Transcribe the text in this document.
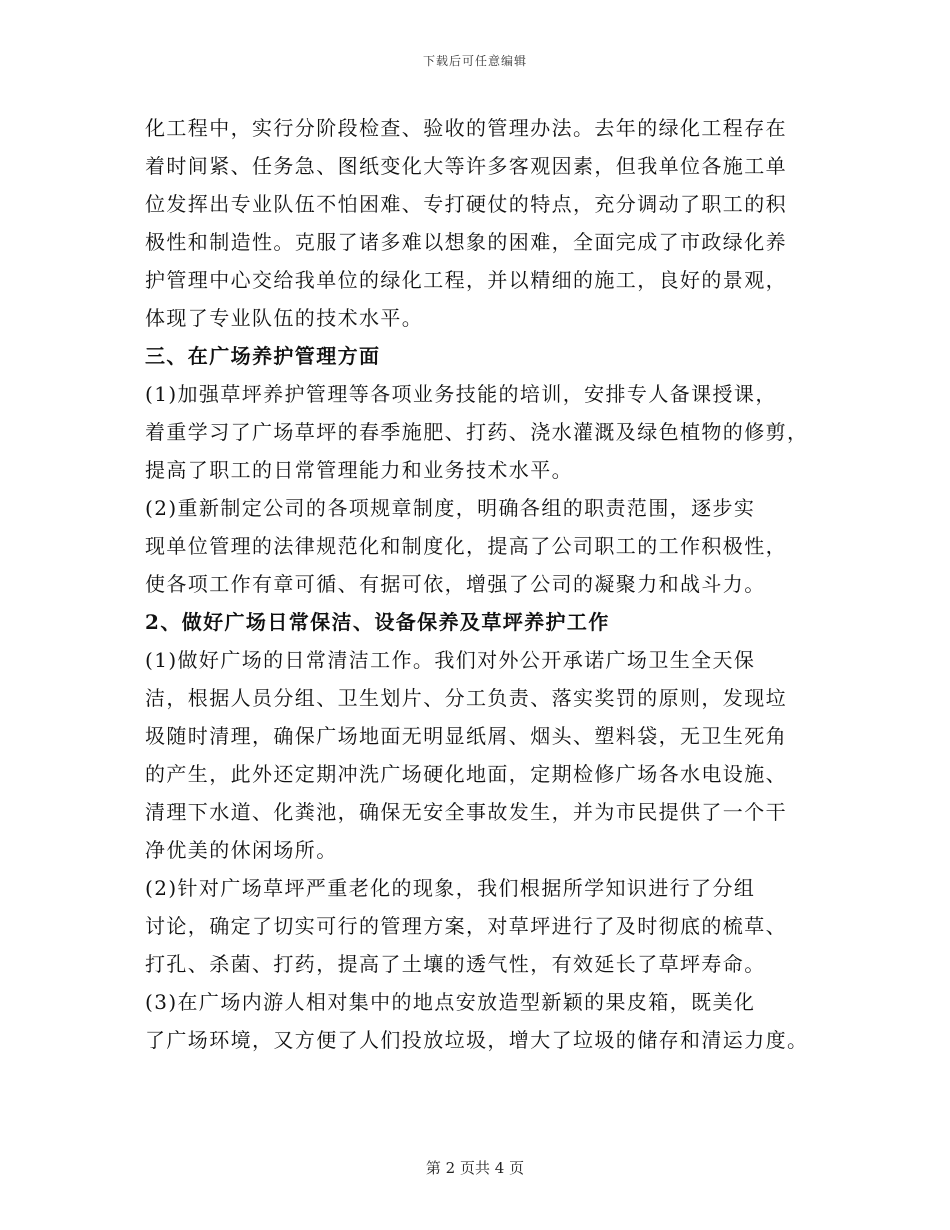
下载后可任意编辑

化工程中，实行分阶段检查、验收的管理办法。去年的绿化工程存在

着时间紧、任务急、图纸变化大等许多客观因素，但我单位各施工单

位发挥出专业队伍不怕困难、专打硬仗的特点，充分调动了职工的积

极性和制造性。克服了诸多难以想象的困难，全面完成了市政绿化养

护管理中心交给我单位的绿化工程，并以精细的施工，良好的景观，

体现了专业队伍的技术水平。

三、在广场养护管理方面

(1)加强草坪养护管理等各项业务技能的培训，安排专人备课授课，

着重学习了广场草坪的春季施肥、打药、浇水灌溉及绿色植物的修剪，

提高了职工的日常管理能力和业务技术水平。

(2)重新制定公司的各项规章制度，明确各组的职责范围，逐步实

现单位管理的法律规范化和制度化，提高了公司职工的工作积极性，

使各项工作有章可循、有据可依，增强了公司的凝聚力和战斗力。

2、做好广场日常保洁、设备保养及草坪养护工作

(1)做好广场的日常清洁工作。我们对外公开承诺广场卫生全天保

洁，根据人员分组、卫生划片、分工负责、落实奖罚的原则，发现垃

圾随时清理，确保广场地面无明显纸屑、烟头、塑料袋，无卫生死角

的产生，此外还定期冲洗广场硬化地面，定期检修广场各水电设施、

清理下水道、化粪池，确保无安全事故发生，并为市民提供了一个干

净优美的休闲场所。

(2)针对广场草坪严重老化的现象，我们根据所学知识进行了分组

讨论，确定了切实可行的管理方案，对草坪进行了及时彻底的梳草、

打孔、杀菌、打药，提高了土壤的透气性，有效延长了草坪寿命。

(3)在广场内游人相对集中的地点安放造型新颖的果皮箱，既美化

了广场环境，又方便了人们投放垃圾，增大了垃圾的储存和清运力度。

第 2 页共 4 页
